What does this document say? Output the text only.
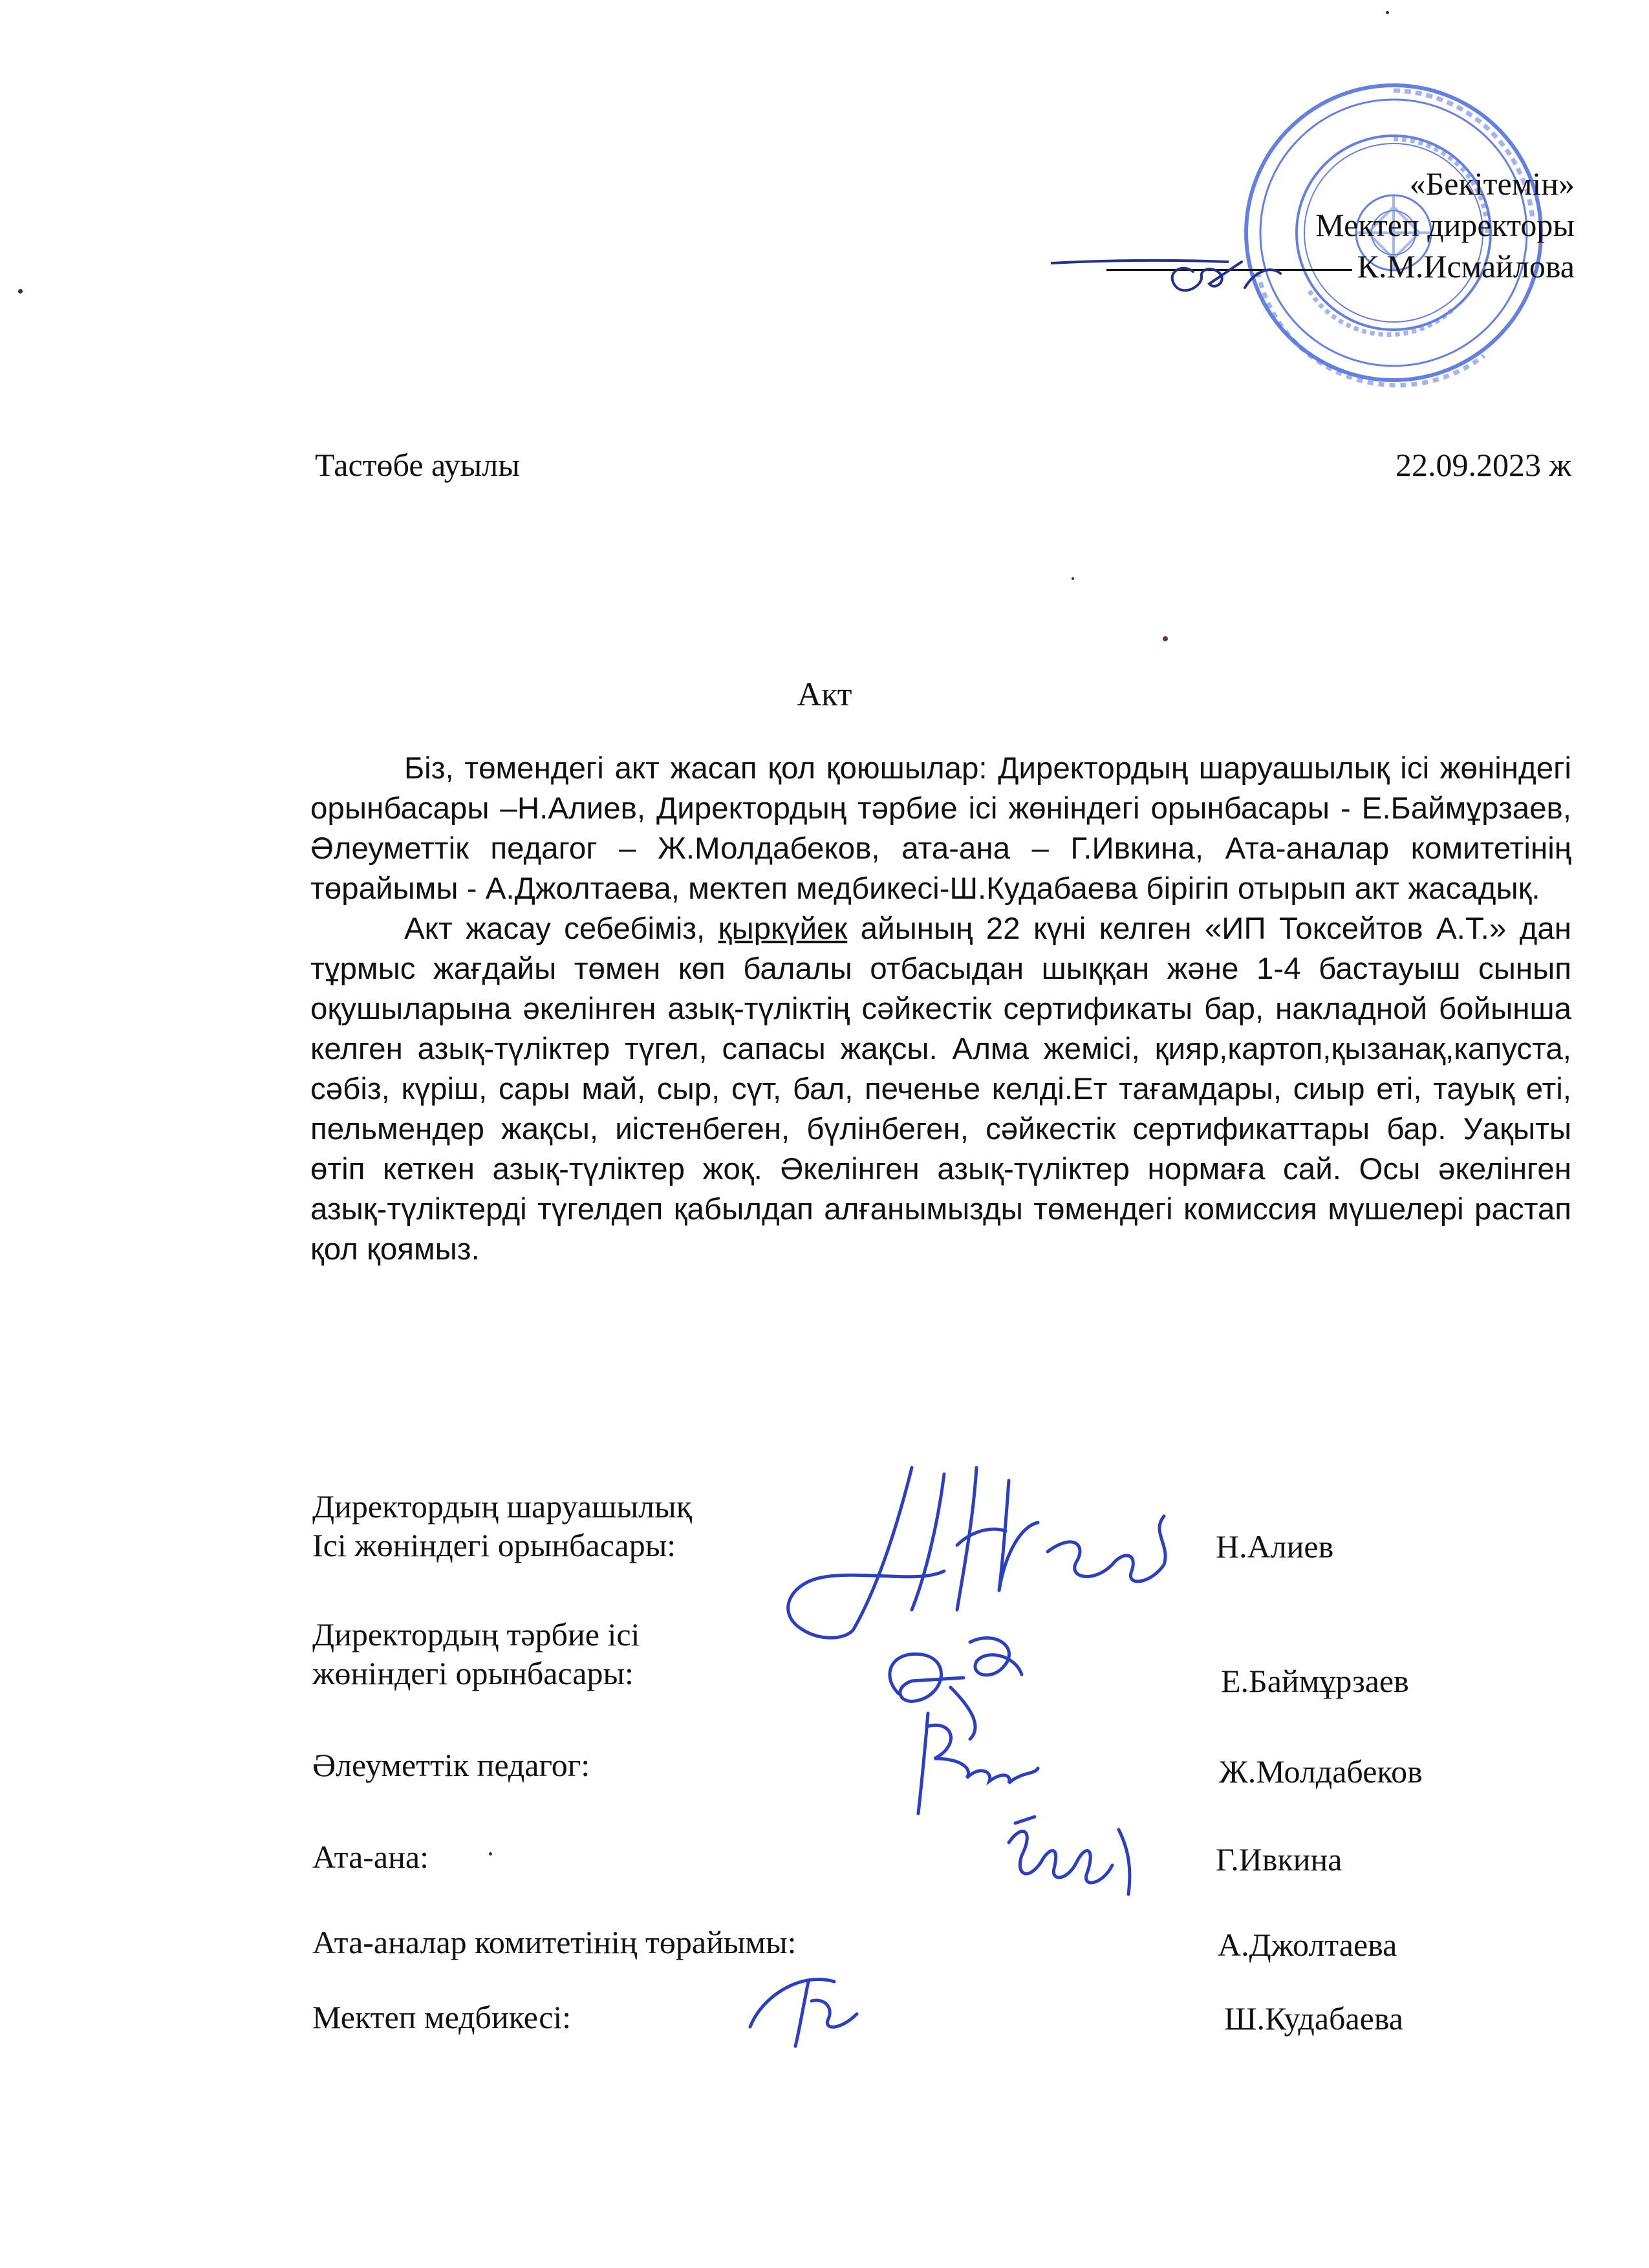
«Бекітемін»
Мектеп директоры
К.М.Исмайлова
Тастөбе ауылы	22.09.2023 ж
Акт

Біз, төмендегі акт жасап қол қоюшылар: Директордың шаруашылық ісі жөніндегі орынбасары –Н.Алиев, Директордың тәрбие ісі жөніндегі орынбасары - Е.Баймұрзаев, Әлеуметтік педагог – Ж.Молдабеков, ата-ана – Г.Ивкина, Ата-аналар комитетінің төрайымы - А.Джолтаева, мектеп медбикесі-Ш.Кудабаева бірігіп отырып акт жасадық.

Акт жасау себебіміз, қыркүйек айының 22 күні келген «ИП Токсейтов А.Т.» дан тұрмыс жағдайы төмен көп балалы отбасыдан шыққан және 1-4 бастауыш сынып оқушыларына әкелінген азық-түліктің сәйкестік сертификаты бар, накладной бойынша келген азық-түліктер түгел, сапасы жақсы. Алма жемісі, қияр,картоп,қызанақ,капуста, сәбіз, күріш, сары май, сыр, сүт, бал, печенье келді.Ет тағамдары, сиыр еті, тауық еті, пельмендер жақсы, иістенбеген, бүлінбеген, сәйкестік сертификаттары бар. Уақыты өтіп кеткен азық-түліктер жоқ. Әкелінген азық-түліктер нормаға сай. Осы әкелінген азық-түліктерді түгелдеп қабылдап алғанымызды төмендегі комиссия мүшелері растап қол қоямыз.

Директордың шаруашылық
Ісі жөніндегі орынбасары:	Н.Алиев
Директордың тәрбие ісі
жөніндегі орынбасары:	Е.Баймұрзаев
Әлеуметтік педагог:	Ж.Молдабеков
Ата-ана:	Г.Ивкина
Ата-аналар комитетінің төрайымы:	А.Джолтаева
Мектеп медбикесі:	Ш.Кудабаева
